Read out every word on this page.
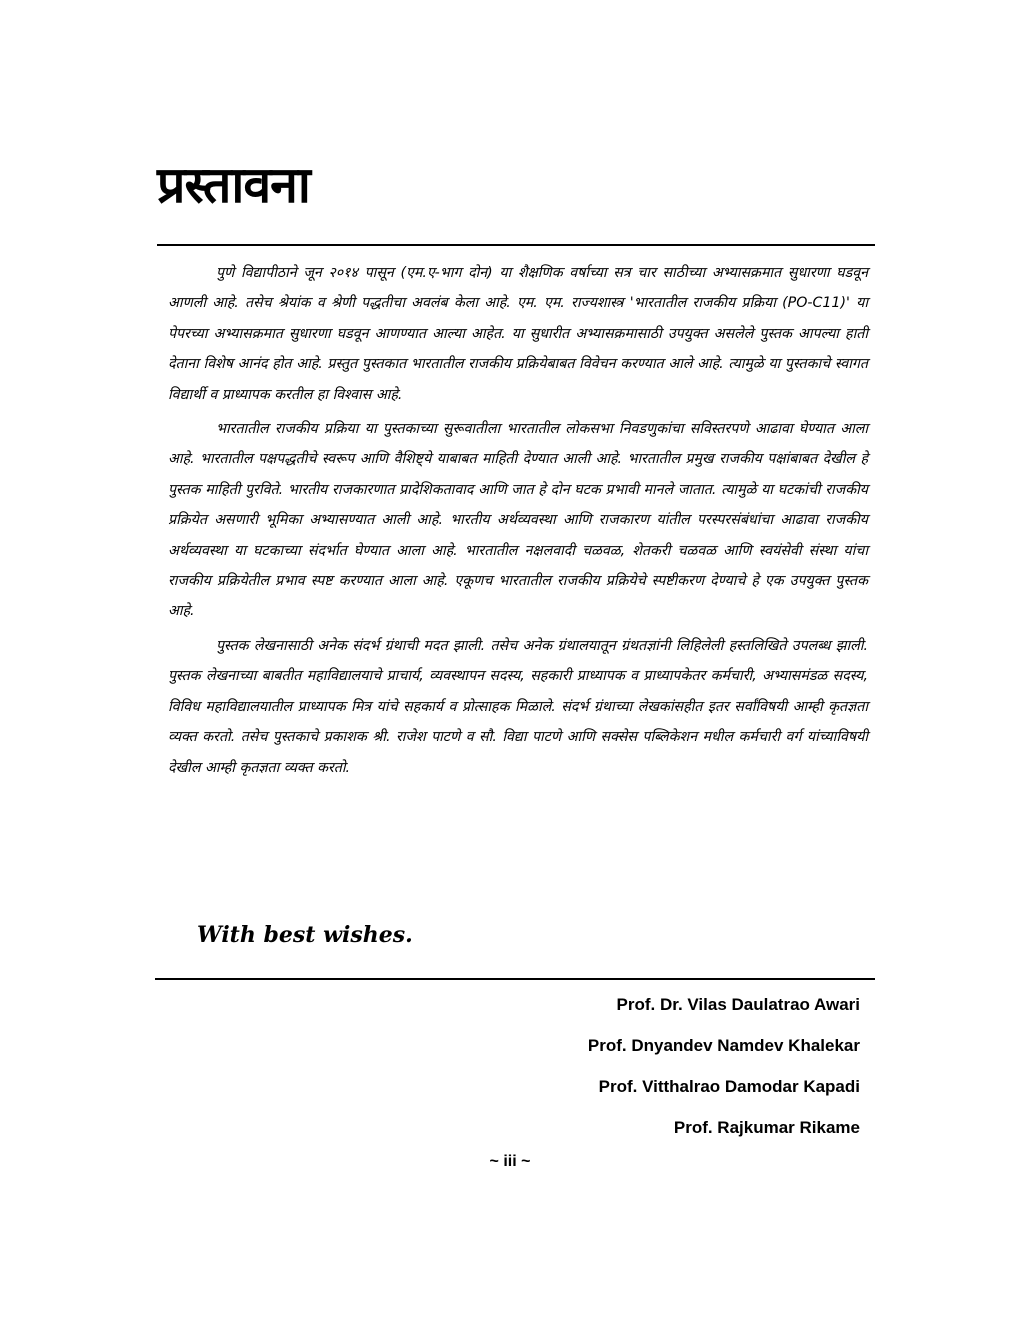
प्रस्तावना

पुणे विद्यापीठाने जून २०१४ पासून (एम.ए-भाग दोन) या शैक्षणिक वर्षाच्या सत्र चार साठीच्या अभ्यासक्रमात सुधारणा घडवून आणली आहे. तसेच श्रेयांक व श्रेणी पद्धतीचा अवलंब केला आहे. एम. एम. राज्यशास्त्र 'भारतातील राजकीय प्रक्रिया (PO-C11)' या पेपरच्या अभ्यासक्रमात सुधारणा घडवून आणण्यात आल्या आहेत. या सुधारीत अभ्यासक्रमासाठी उपयुक्त असलेले पुस्तक आपल्या हाती देताना विशेष आनंद होत आहे. प्रस्तुत पुस्तकात भारतातील राजकीय प्रक्रियेबाबत विवेचन करण्यात आले आहे. त्यामुळे या पुस्तकाचे स्वागत विद्यार्थी व प्राध्यापक करतील हा विश्वास आहे.

भारतातील राजकीय प्रक्रिया या पुस्तकाच्या सुरूवातीला भारतातील लोकसभा निवडणुकांचा सविस्तरपणे आढावा घेण्यात आला आहे. भारतातील पक्षपद्धतीचे स्वरूप आणि वैशिष्ट्ये याबाबत माहिती देण्यात आली आहे. भारतातील प्रमुख राजकीय पक्षांबाबत देखील हे पुस्तक माहिती पुरविते. भारतीय राजकारणात प्रादेशिकतावाद आणि जात हे दोन घटक प्रभावी मानले जातात. त्यामुळे या घटकांची राजकीय प्रक्रियेत असणारी भूमिका अभ्यासण्यात आली आहे. भारतीय अर्थव्यवस्था आणि राजकारण यांतील परस्परसंबंधांचा आढावा राजकीय अर्थव्यवस्था या घटकाच्या संदर्भात घेण्यात आला आहे. भारतातील नक्षलवादी चळवळ, शेतकरी चळवळ आणि स्वयंसेवी संस्था यांचा राजकीय प्रक्रियेतील प्रभाव स्पष्ट करण्यात आला आहे. एकूणच भारतातील राजकीय प्रक्रियेचे स्पष्टीकरण देण्याचे हे एक उपयुक्त पुस्तक आहे.

पुस्तक लेखनासाठी अनेक संदर्भ ग्रंथाची मदत झाली. तसेच अनेक ग्रंथालयातून ग्रंथतज्ञांनी लिहिलेली हस्तलिखिते उपलब्ध झाली. पुस्तक लेखनाच्या बाबतीत महाविद्यालयाचे प्राचार्य, व्यवस्थापन सदस्य, सहकारी प्राध्यापक व प्राध्यापकेतर कर्मचारी, अभ्यासमंडळ सदस्य, विविध महाविद्यालयातील प्राध्यापक मित्र यांचे सहकार्य व प्रोत्साहक मिळाले. संदर्भ ग्रंथाच्या लेखकांसहीत इतर सर्वांविषयी आम्ही कृतज्ञता व्यक्त करतो. तसेच पुस्तकाचे प्रकाशक श्री. राजेश पाटणे व सौ. विद्या पाटणे आणि सक्सेस पब्लिकेशन मधील कर्मचारी वर्ग यांच्याविषयी देखील आम्ही कृतज्ञता व्यक्त करतो.

With best wishes.
Prof. Dr. Vilas Daulatrao Awari
Prof. Dnyandev Namdev Khalekar
Prof. Vitthalrao Damodar Kapadi
Prof. Rajkumar Rikame
~ iii ~
